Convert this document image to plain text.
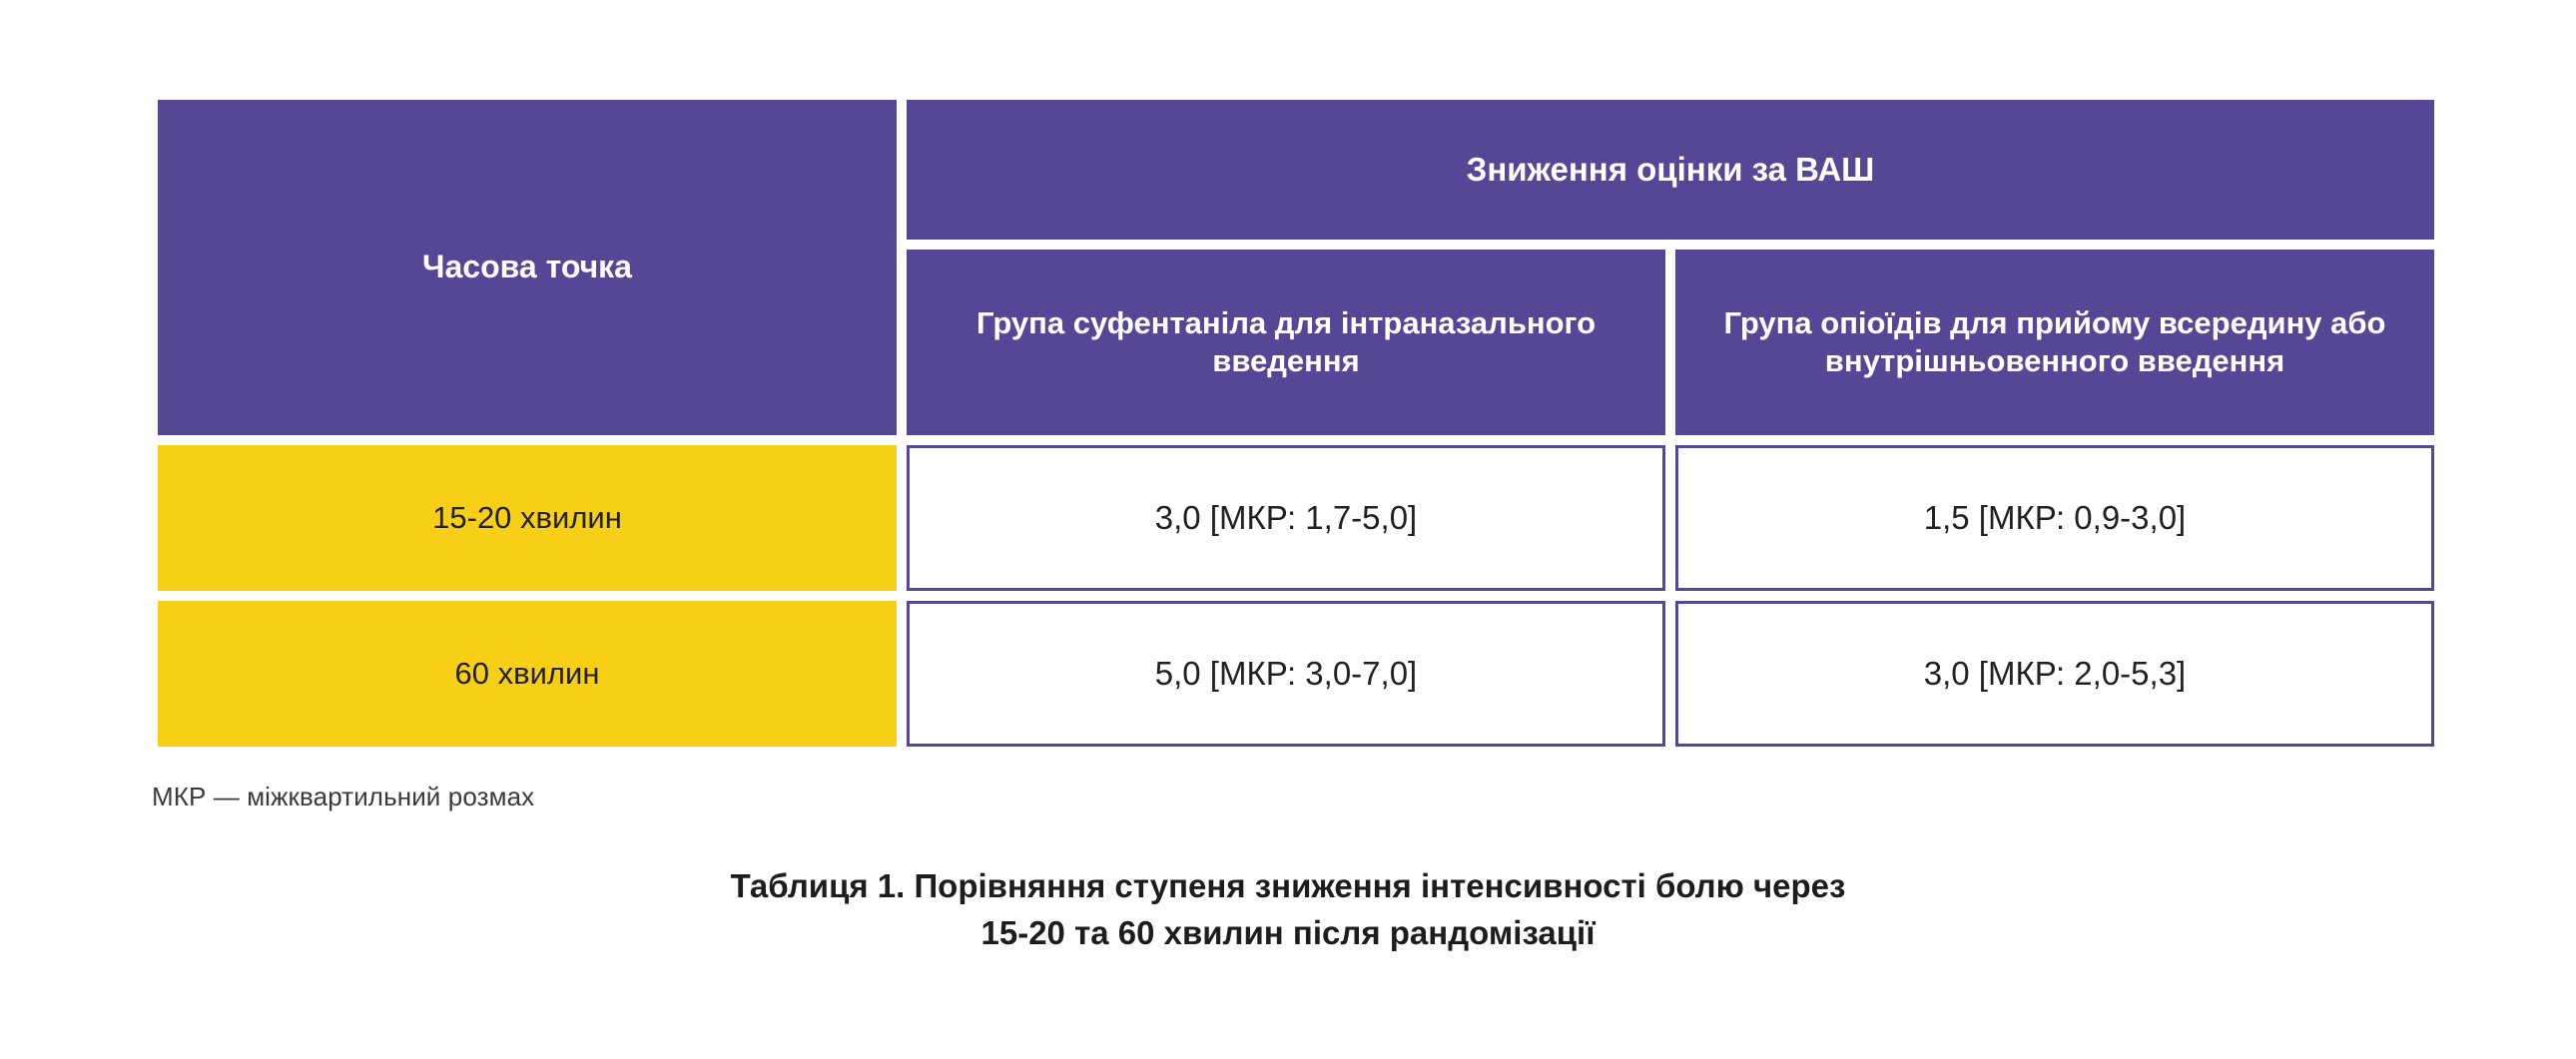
Часова точка	Зниження оцінки за ВАШ	
	Група суфентаніла для інтраназального введення	Група опіоїдів для прийому всередину або внутрішньовенного введення
15-20 хвилин	3,0 [МКР: 1,7-5,0]	1,5 [МКР: 0,9-3,0]
60 хвилин	5,0 [МКР: 3,0-7,0]	3,0 [МКР: 2,0-5,3]
МКР — міжквартильний розмах
Таблиця 1. Порівняння ступеня зниження інтенсивності болю через
15-20 та 60 хвилин після рандомізації
